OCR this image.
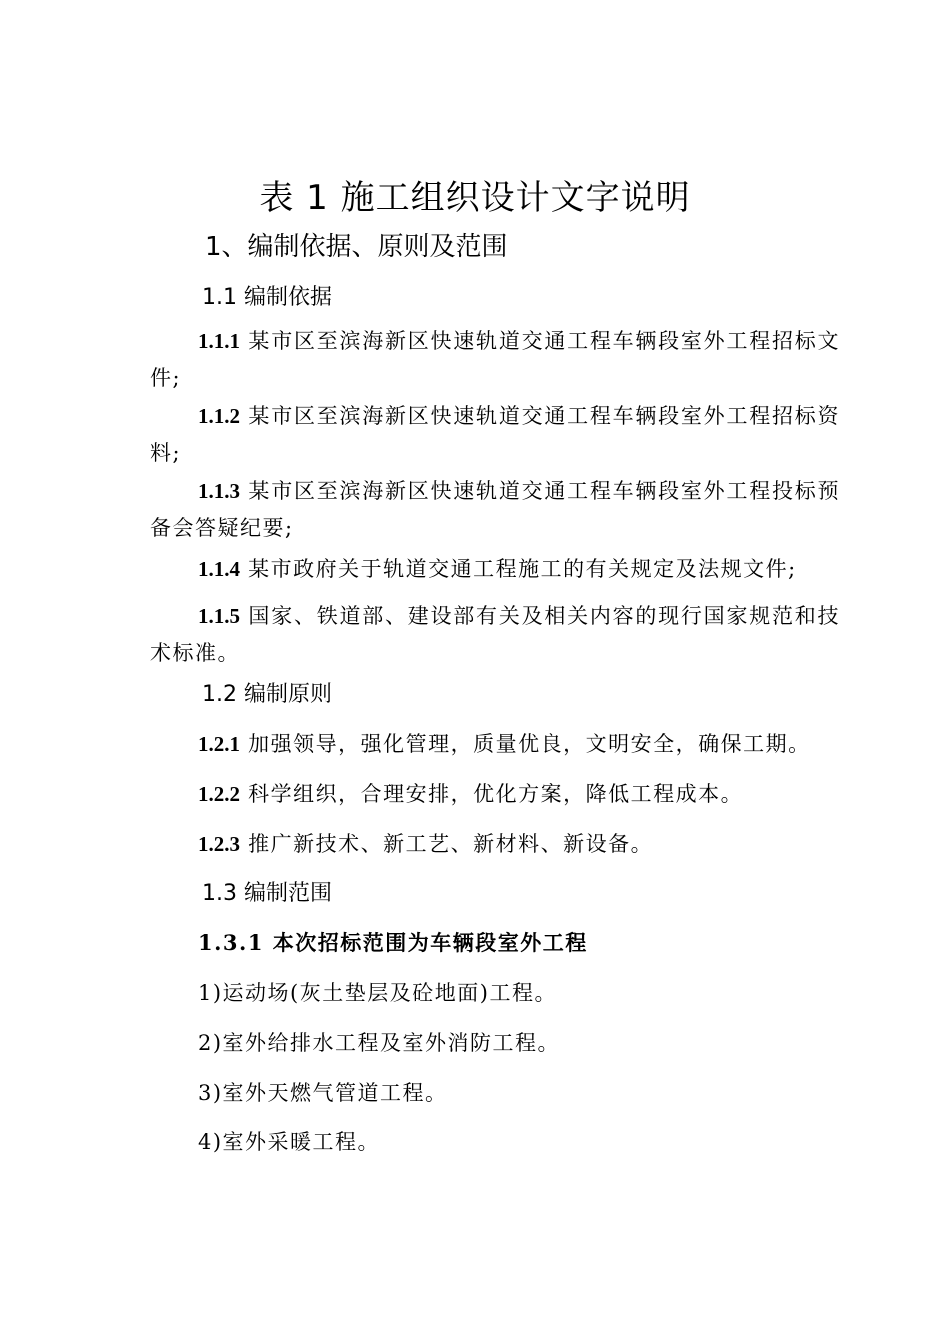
表 1 施工组织设计文字说明
1、编制依据、原则及范围
1.1 编制依据
1.1.1 某市区至滨海新区快速轨道交通工程车辆段室外工程招标文件;
1.1.2 某市区至滨海新区快速轨道交通工程车辆段室外工程招标资料;
1.1.3 某市区至滨海新区快速轨道交通工程车辆段室外工程投标预备会答疑纪要;
1.1.4 某市政府关于轨道交通工程施工的有关规定及法规文件;
1.1.5 国家、铁道部、建设部有关及相关内容的现行国家规范和技术标准。
1.2 编制原则
1.2.1 加强领导，强化管理，质量优良，文明安全，确保工期。
1.2.2 科学组织，合理安排，优化方案，降低工程成本。
1.2.3 推广新技术、新工艺、新材料、新设备。
1.3 编制范围
1.3.1 本次招标范围为车辆段室外工程
1)运动场(灰土垫层及砼地面)工程。
2)室外给排水工程及室外消防工程。
3)室外天燃气管道工程。
4)室外采暖工程。
